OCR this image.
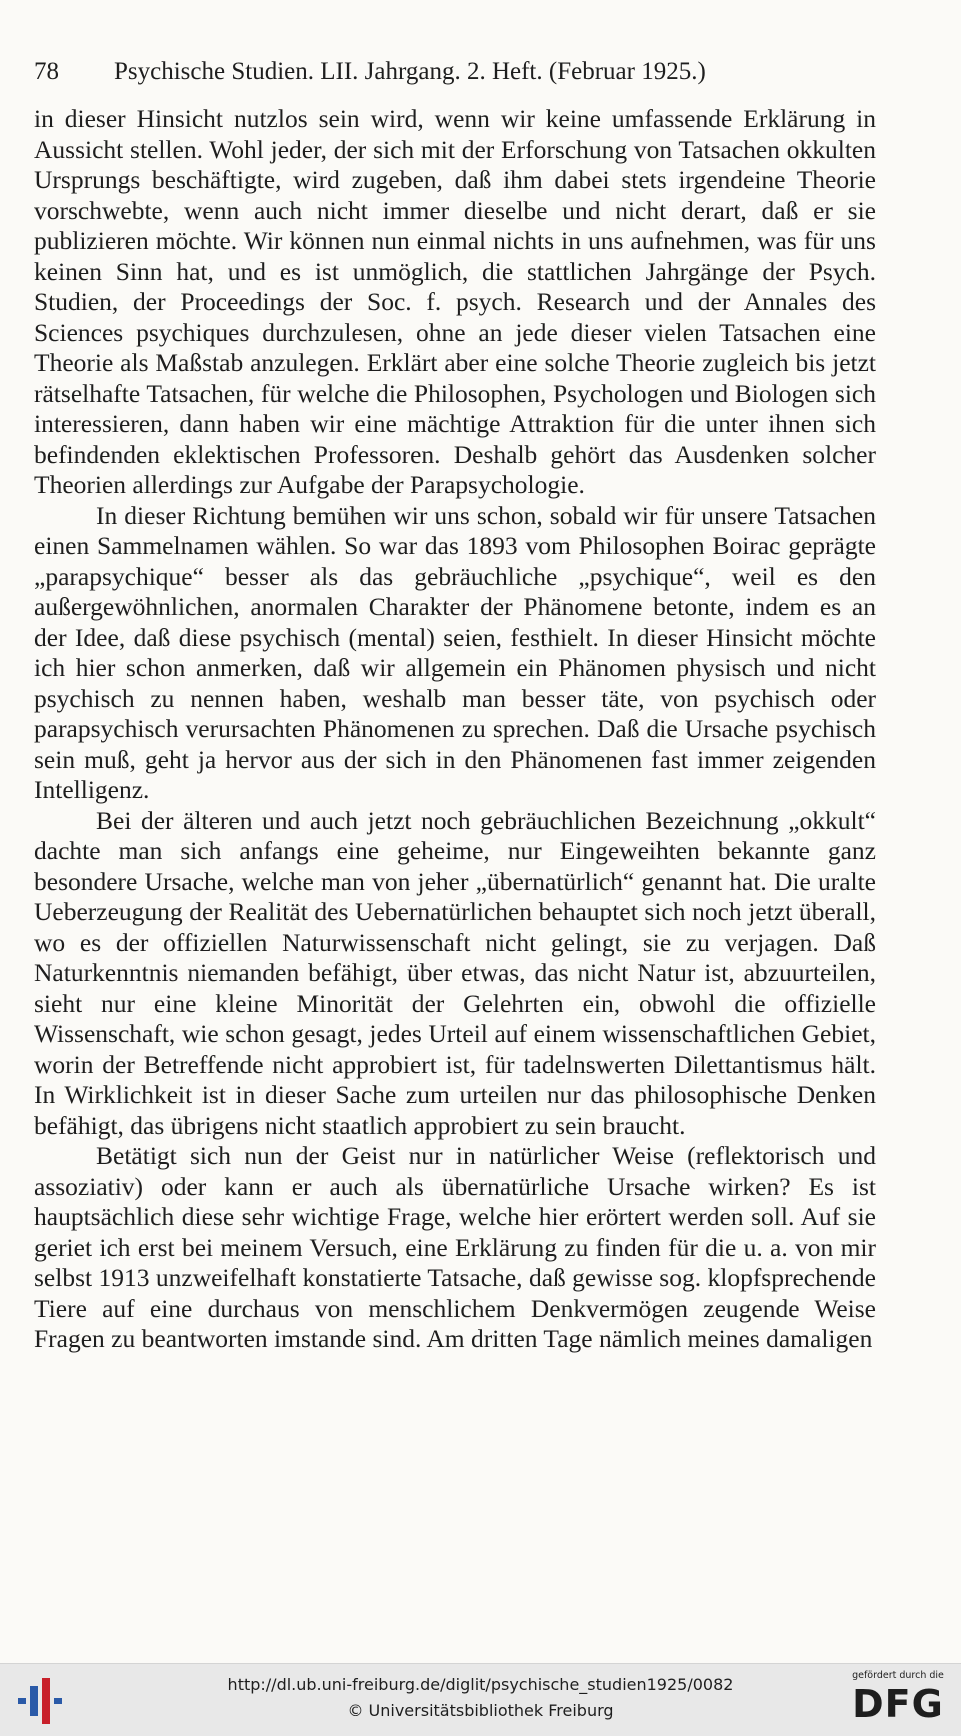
78 Psychische Studien. LII. Jahrgang. 2. Heft. (Februar 1925.)

in dieser Hinsicht nutzlos sein wird, wenn wir keine umfassende Erklärung in Aussicht stellen. Wohl jeder, der sich mit der Erforschung von Tatsachen okkulten Ursprungs beschäftigte, wird zugeben, daß ihm dabei stets irgendeine Theorie vorschwebte, wenn auch nicht immer dieselbe und nicht derart, daß er sie publizieren möchte. Wir können nun einmal nichts in uns aufnehmen, was für uns keinen Sinn hat, und es ist unmöglich, die stattlichen Jahrgänge der Psych. Studien, der Proceedings der Soc. f. psych. Research und der Annales des Sciences psychiques durchzulesen, ohne an jede dieser vielen Tatsachen eine Theorie als Maßstab anzulegen. Erklärt aber eine solche Theorie zugleich bis jetzt rätselhafte Tatsachen, für welche die Philosophen, Psychologen und Biologen sich interessieren, dann haben wir eine mächtige Attraktion für die unter ihnen sich befindenden eklektischen Professoren. Deshalb gehört das Ausdenken solcher Theorien allerdings zur Aufgabe der Parapsychologie.

In dieser Richtung bemühen wir uns schon, sobald wir für unsere Tatsachen einen Sammelnamen wählen. So war das 1893 vom Philosophen Boirac geprägte „parapsychique“ besser als das gebräuchliche „psychique“, weil es den außergewöhnlichen, anormalen Charakter der Phänomene betonte, indem es an der Idee, daß diese psychisch (mental) seien, festhielt. In dieser Hinsicht möchte ich hier schon anmerken, daß wir allgemein ein Phänomen physisch und nicht psychisch zu nennen haben, weshalb man besser täte, von psychisch oder parapsychisch verursachten Phänomenen zu sprechen. Daß die Ursache psychisch sein muß, geht ja hervor aus der sich in den Phänomenen fast immer zeigenden Intelligenz.

Bei der älteren und auch jetzt noch gebräuchlichen Bezeichnung „okkult“ dachte man sich anfangs eine geheime, nur Eingeweihten bekannte ganz besondere Ursache, welche man von jeher „übernatürlich“ genannt hat. Die uralte Ueberzeugung der Realität des Uebernatürlichen behauptet sich noch jetzt überall, wo es der offiziellen Naturwissenschaft nicht gelingt, sie zu verjagen. Daß Naturkenntnis niemanden befähigt, über etwas, das nicht Natur ist, abzuurteilen, sieht nur eine kleine Minorität der Gelehrten ein, obwohl die offizielle Wissenschaft, wie schon gesagt, jedes Urteil auf einem wissenschaftlichen Gebiet, worin der Betreffende nicht approbiert ist, für tadelnswerten Dilettantismus hält. In Wirklichkeit ist in dieser Sache zum urteilen nur das philosophische Denken befähigt, das übrigens nicht staatlich approbiert zu sein braucht.

Betätigt sich nun der Geist nur in natürlicher Weise (reflektorisch und assoziativ) oder kann er auch als übernatürliche Ursache wirken? Es ist hauptsächlich diese sehr wichtige Frage, welche hier erörtert werden soll. Auf sie geriet ich erst bei meinem Versuch, eine Erklärung zu finden für die u. a. von mir selbst 1913 unzweifelhaft konstatierte Tatsache, daß gewisse sog. klopfsprechende Tiere auf eine durchaus von menschlichem Denkvermögen zeugende Weise Fragen zu beantworten imstande sind. Am dritten Tage nämlich meines damaligen

http://dl.ub.uni-freiburg.de/diglit/psychische_studien1925/0082
© Universitätsbibliothek Freiburg
gefördert durch die
DFG
